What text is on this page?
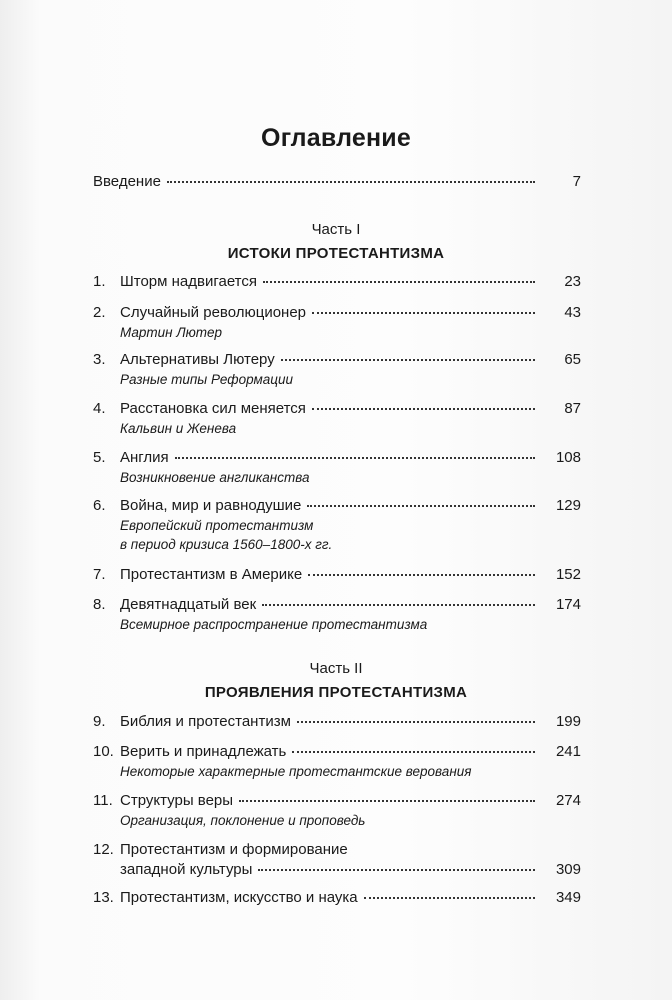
Оглавление
Введение	7
Часть I
ИСТОКИ ПРОТЕСТАНТИЗМА
1. Шторм надвигается	23
2. Случайный революционер	43
Мартин Лютер
3. Альтернативы Лютеру	65
Разные типы Реформации
4. Расстановка сил меняется	87
Кальвин и Женева
5. Англия	108
Возникновение англиканства
6. Война, мир и равнодушие	129
Европейский протестантизм
в период кризиса 1560–1800-х гг.
7. Протестантизм в Америке	152
8. Девятнадцатый век	174
Всемирное распространение протестантизма
Часть II
ПРОЯВЛЕНИЯ ПРОТЕСТАНТИЗМА
9. Библия и протестантизм	199
10. Верить и принадлежать	241
Некоторые характерные протестантские верования
11. Структуры веры	274
Организация, поклонение и проповедь
12. Протестантизм и формирование
западной культуры	309
13. Протестантизм, искусство и наука	349
